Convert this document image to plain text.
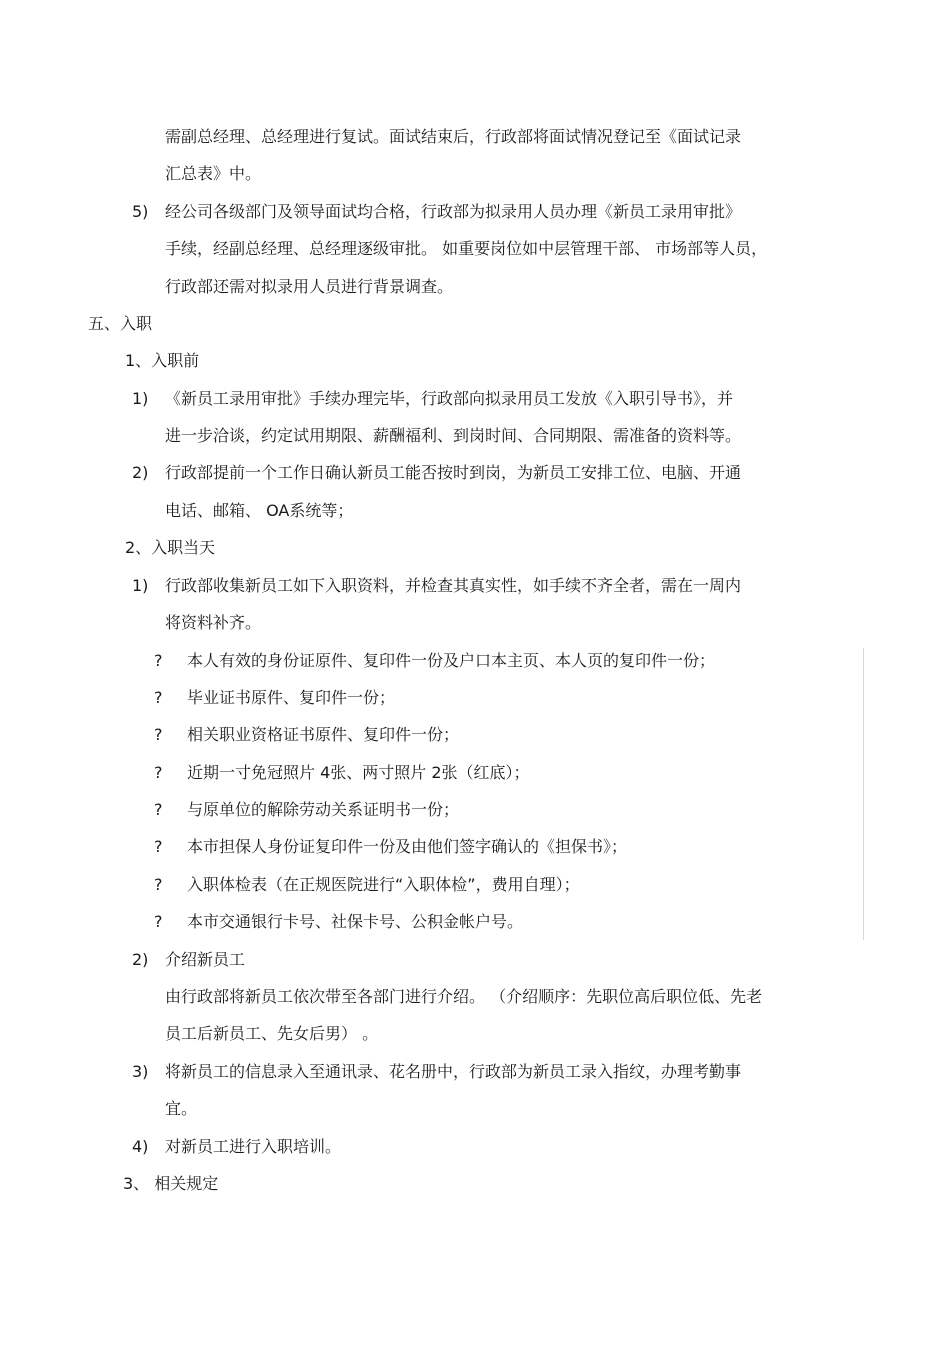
需副总经理、总经理进行复试。面试结束后，行政部将面试情况登记至《面试记录
汇总表》中。
5) 经公司各级部门及领导面试均合格，行政部为拟录用人员办理《新员工录用审批》
手续，经副总经理、总经理逐级审批。 如重要岗位如中层管理干部、 市场部等人员，
行政部还需对拟录用人员进行背景调查。
五、入职
1、入职前
1) 《新员工录用审批》手续办理完毕，行政部向拟录用员工发放《入职引导书》，并
进一步洽谈，约定试用期限、薪酬福利、到岗时间、合同期限、需准备的资料等。
2) 行政部提前一个工作日确认新员工能否按时到岗，为新员工安排工位、电脑、开通
电话、邮箱、 OA系统等；
2、入职当天
1) 行政部收集新员工如下入职资料，并检查其真实性，如手续不齐全者，需在一周内
将资料补齐。
? 本人有效的身份证原件、复印件一份及户口本主页、本人页的复印件一份；
? 毕业证书原件、复印件一份；
? 相关职业资格证书原件、复印件一份；
? 近期一寸免冠照片 4张、两寸照片 2张（红底）；
? 与原单位的解除劳动关系证明书一份；
? 本市担保人身份证复印件一份及由他们签字确认的《担保书》；
? 入职体检表（在正规医院进行“入职体检”，费用自理）；
? 本市交通银行卡号、社保卡号、公积金帐户号。
2) 介绍新员工
由行政部将新员工依次带至各部门进行介绍。 （介绍顺序：先职位高后职位低、先老
员工后新员工、先女后男） 。
3) 将新员工的信息录入至通讯录、花名册中，行政部为新员工录入指纹，办理考勤事
宜。
4) 对新员工进行入职培训。
3、 相关规定
